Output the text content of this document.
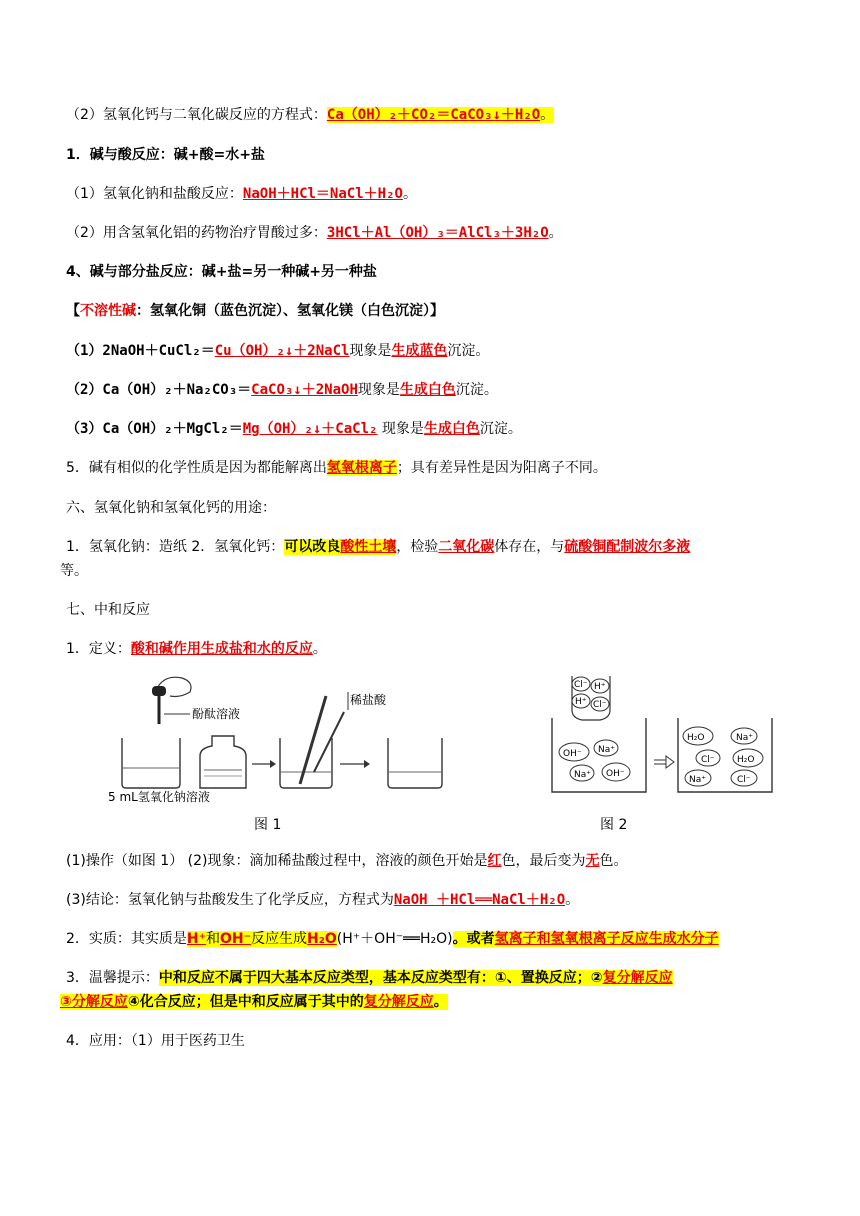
（2）氢氧化钙与二氧化碳反应的方程式：Ca（OH）₂＋CO₂＝CaCO₃↓＋H₂O。
1．碱与酸反应：碱+酸=水+盐
（1）氢氧化钠和盐酸反应：NaOH＋HCl＝NaCl＋H₂O。
（2）用含氢氧化铝的药物治疗胃酸过多：3HCl＋Al（OH）₃＝AlCl₃＋3H₂O。
4、碱与部分盐反应：碱+盐=另一种碱+另一种盐
【不溶性碱：氢氧化铜（蓝色沉淀）、氢氧化镁（白色沉淀）】
（1）2NaOH＋CuCl₂＝Cu（OH）₂↓＋2NaCl现象是生成蓝色沉淀。
（2）Ca（OH）₂＋Na₂CO₃＝CaCO₃↓＋2NaOH现象是生成白色沉淀。
（3）Ca（OH）₂＋MgCl₂＝Mg（OH）₂↓＋CaCl₂ 现象是生成白色沉淀。
5．碱有相似的化学性质是因为都能解离出氢氧根离子；具有差异性是因为阳离子不同。
六、氢氧化钠和氢氧化钙的用途：
1．氢氧化钠：造纸 2．氢氧化钙：可以改良酸性土壤，检验二氧化碳体存在，与硫酸铜配制波尔多液
等。
七、中和反应
1．定义：酸和碱作用生成盐和水的反应。
酚酞溶液
稀盐酸
5 mL氢氧化钠溶液
Cl⁻ H⁺
H⁺ Cl⁻
OH⁻ Na⁺
Na⁺ OH⁻
H₂O	Na⁺
Cl⁻ H₂O
Na⁺	Cl⁻
图 1	图 2
(1)操作（如图 1） (2)现象：滴加稀盐酸过程中，溶液的颜色开始是红色，最后变为无色。
(3)结论：氢氧化钠与盐酸发生了化学反应，方程式为NaOH ＋HCl══NaCl＋H₂O。
2．实质：其实质是H⁺和OH⁻反应生成H₂O(H⁺＋OH⁻══H₂O)。或者氢离子和氢氧根离子反应生成水分子
3．温馨提示：中和反应不属于四大基本反应类型，基本反应类型有：①、置换反应；②复分解反应
③分解反应④化合反应；但是中和反应属于其中的复分解反应。
4．应用：（1）用于医药卫生
